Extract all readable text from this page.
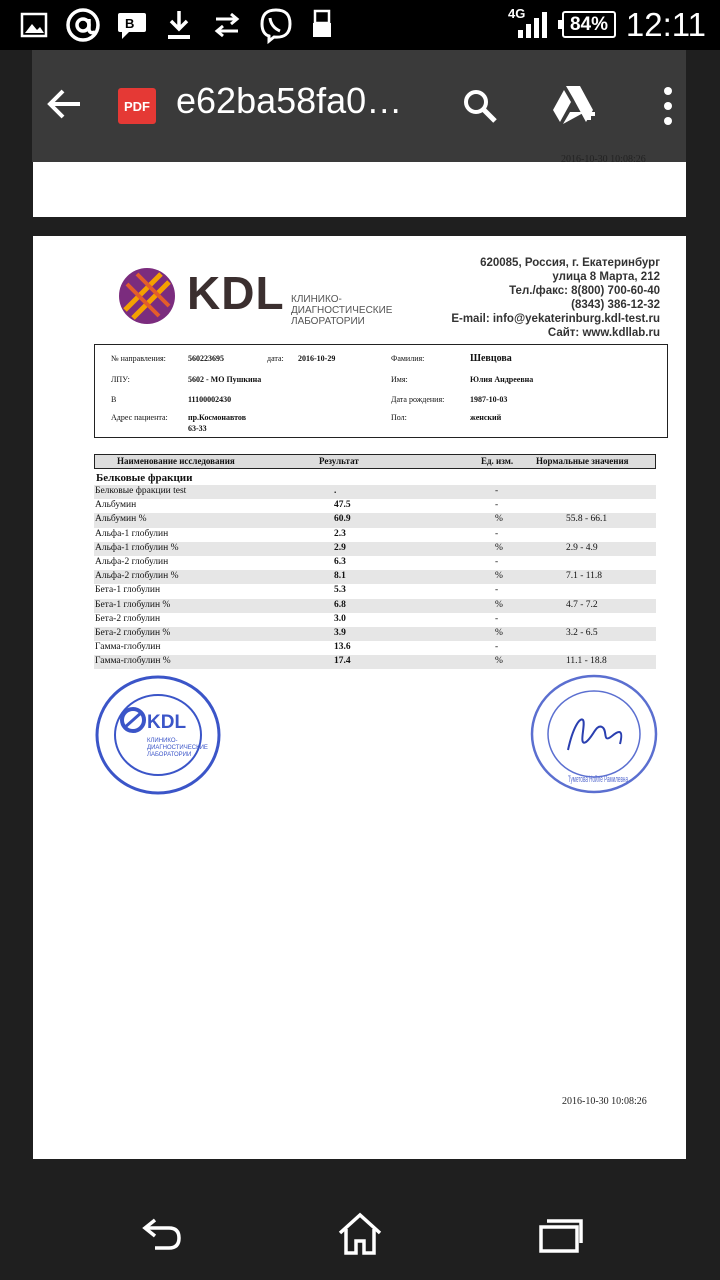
B
4G 84% 12:11
PDF e62ba58fa0…
2016-10-30 10:08:26
KDL КЛИНИКО-
ДИАГНОСТИЧЕСКИЕ
ЛАБОРАТОРИИ
620085, Россия, г. Екатеринбург
улица 8 Марта, 212
Тел./факс: 8(800) 700-60-40
(8343) 386-12-32
E-mail: info@yekaterinburg.kdl-test.ru
Сайт: www.kdllab.ru
№ направления:	560223695	дата: 2016-10-29	Фамилия:	Шевцова
ЛПУ:	5602 - МО Пушкина	Имя:	Юлия Андреевна
В	11100002430	Дата рождения:	1987-10-03
Адрес пациента:	пр.Космонавтов
63-33
Пол:	женский
Наименование исследования	Результат	Ед. изм.	Нормальные значения
Белковые фракции
Белковые фракции test	.	-
Альбумин	47.5	-
Альбумин %	60.9	%	55.8 - 66.1
Альфа-1 глобулин	2.3	-
Альфа-1 глобулин %	2.9	%	2.9 - 4.9
Альфа-2 глобулин	6.3	-
Альфа-2 глобулин %	8.1	%	7.1 - 11.8
Бета-1 глобулин	5.3	-
Бета-1 глобулин %	6.8	%	4.7 - 7.2
Бета-2 глобулин	3.0	-
Бета-2 глобулин %	3.9	%	3.2 - 6.5
Гамма-глобулин	13.6	-
Гамма-глобулин %	17.4	%	11.1 - 18.8
KDL
КЛИНИКО-
ДИАГНОСТИЧЕСКИЕ
ЛАБОРАТОРИИ
Туметова Нойле Рамилевна
2016-10-30 10:08:26
